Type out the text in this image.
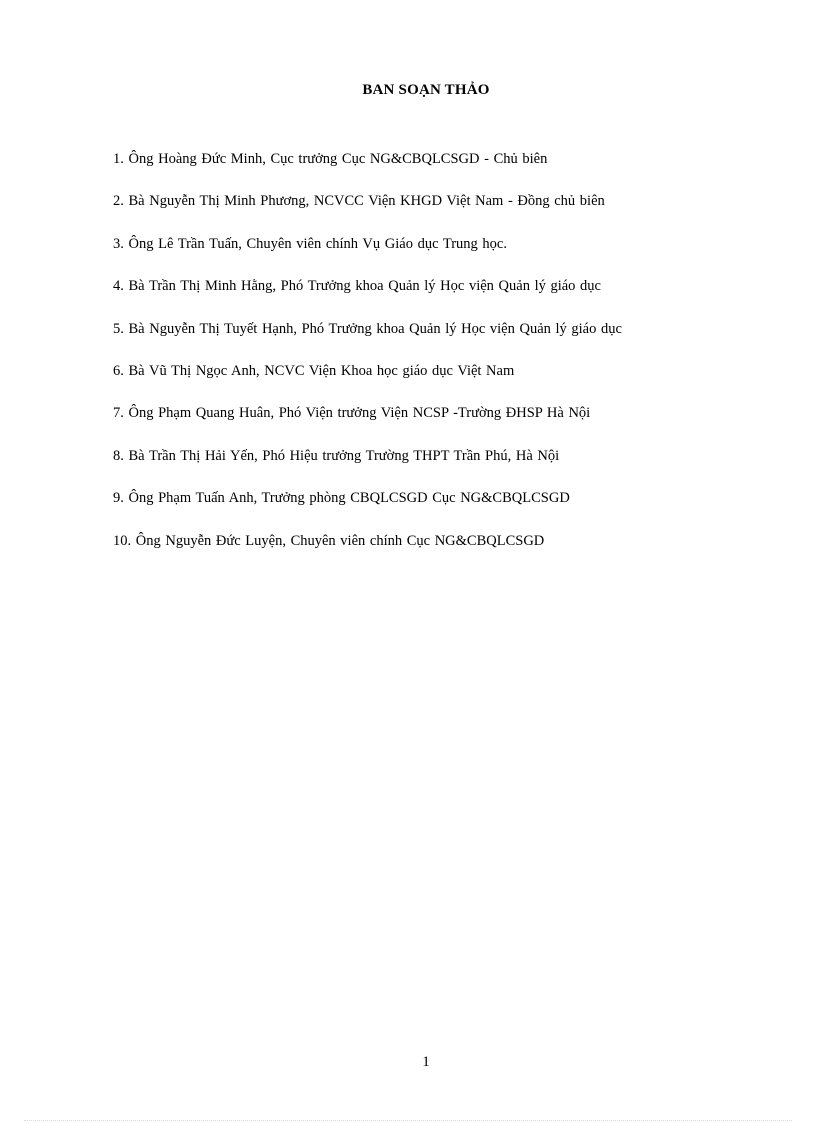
BAN SOẠN THẢO
1. Ông Hoàng Đức Minh, Cục trưởng Cục NG&CBQLCSGD - Chủ biên
2. Bà Nguyễn Thị Minh Phương, NCVCC Viện KHGD Việt Nam - Đồng chủ biên
3. Ông Lê Trần Tuấn, Chuyên viên chính Vụ Giáo dục Trung học.
4. Bà Trần Thị Minh Hằng, Phó Trưởng khoa Quản lý Học viện Quản lý giáo dục
5. Bà Nguyễn Thị Tuyết Hạnh, Phó Trưởng khoa Quản lý Học viện Quản lý giáo dục
6. Bà Vũ Thị Ngọc Anh, NCVC Viện Khoa học giáo dục Việt Nam
7. Ông Phạm Quang Huân, Phó Viện trưởng Viện NCSP -Trường ĐHSP Hà Nội
8. Bà Trần Thị Hải Yến, Phó Hiệu trưởng Trường THPT Trần Phú, Hà Nội
9. Ông Phạm Tuấn Anh, Trưởng phòng CBQLCSGD Cục NG&CBQLCSGD
10. Ông Nguyễn Đức Luyện, Chuyên viên chính Cục NG&CBQLCSGD
1
